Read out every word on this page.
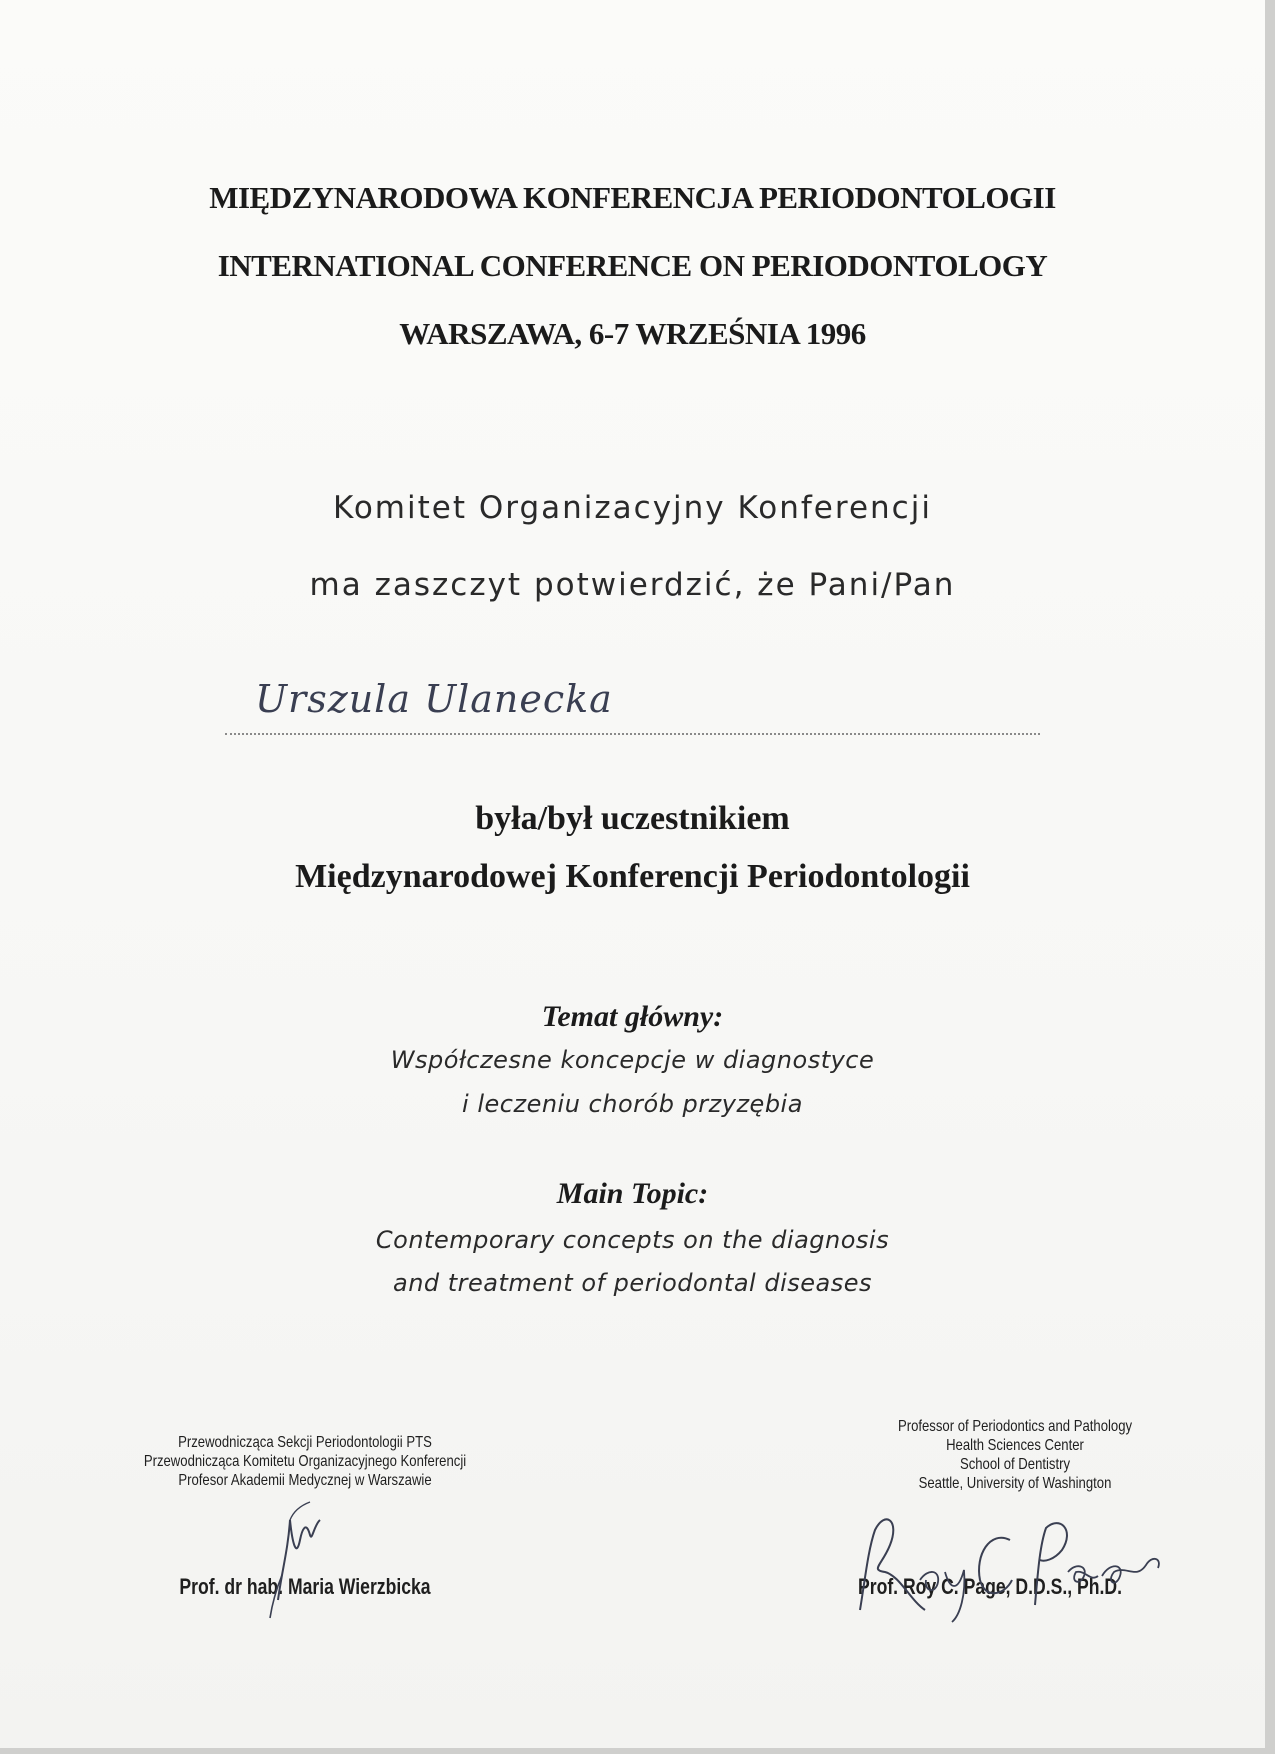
MIĘDZYNARODOWA KONFERENCJA PERIODONTOLOGII
INTERNATIONAL CONFERENCE ON PERIODONTOLOGY
WARSZAWA, 6-7 WRZEŚNIA 1996
Komitet Organizacyjny Konferencji
ma zaszczyt potwierdzić, że Pani/Pan
Urszula Ulanecka
była/był uczestnikiem
Międzynarodowej Konferencji Periodontologii
Temat główny:
Współczesne koncepcje w diagnostyce
i leczeniu chorób przyzębia
Main Topic:
Contemporary concepts on the diagnosis
and treatment of periodontal diseases
Przewodnicząca Sekcji Periodontologii PTS
Przewodnicząca Komitetu Organizacyjnego Konferencji
Profesor Akademii Medycznej w Warszawie
Prof. dr hab. Maria Wierzbicka
Professor of Periodontics and Pathology
Health Sciences Center
School of Dentistry
Seattle, University of Washington
Prof. Roy C. Page, D.D.S., Ph.D.
